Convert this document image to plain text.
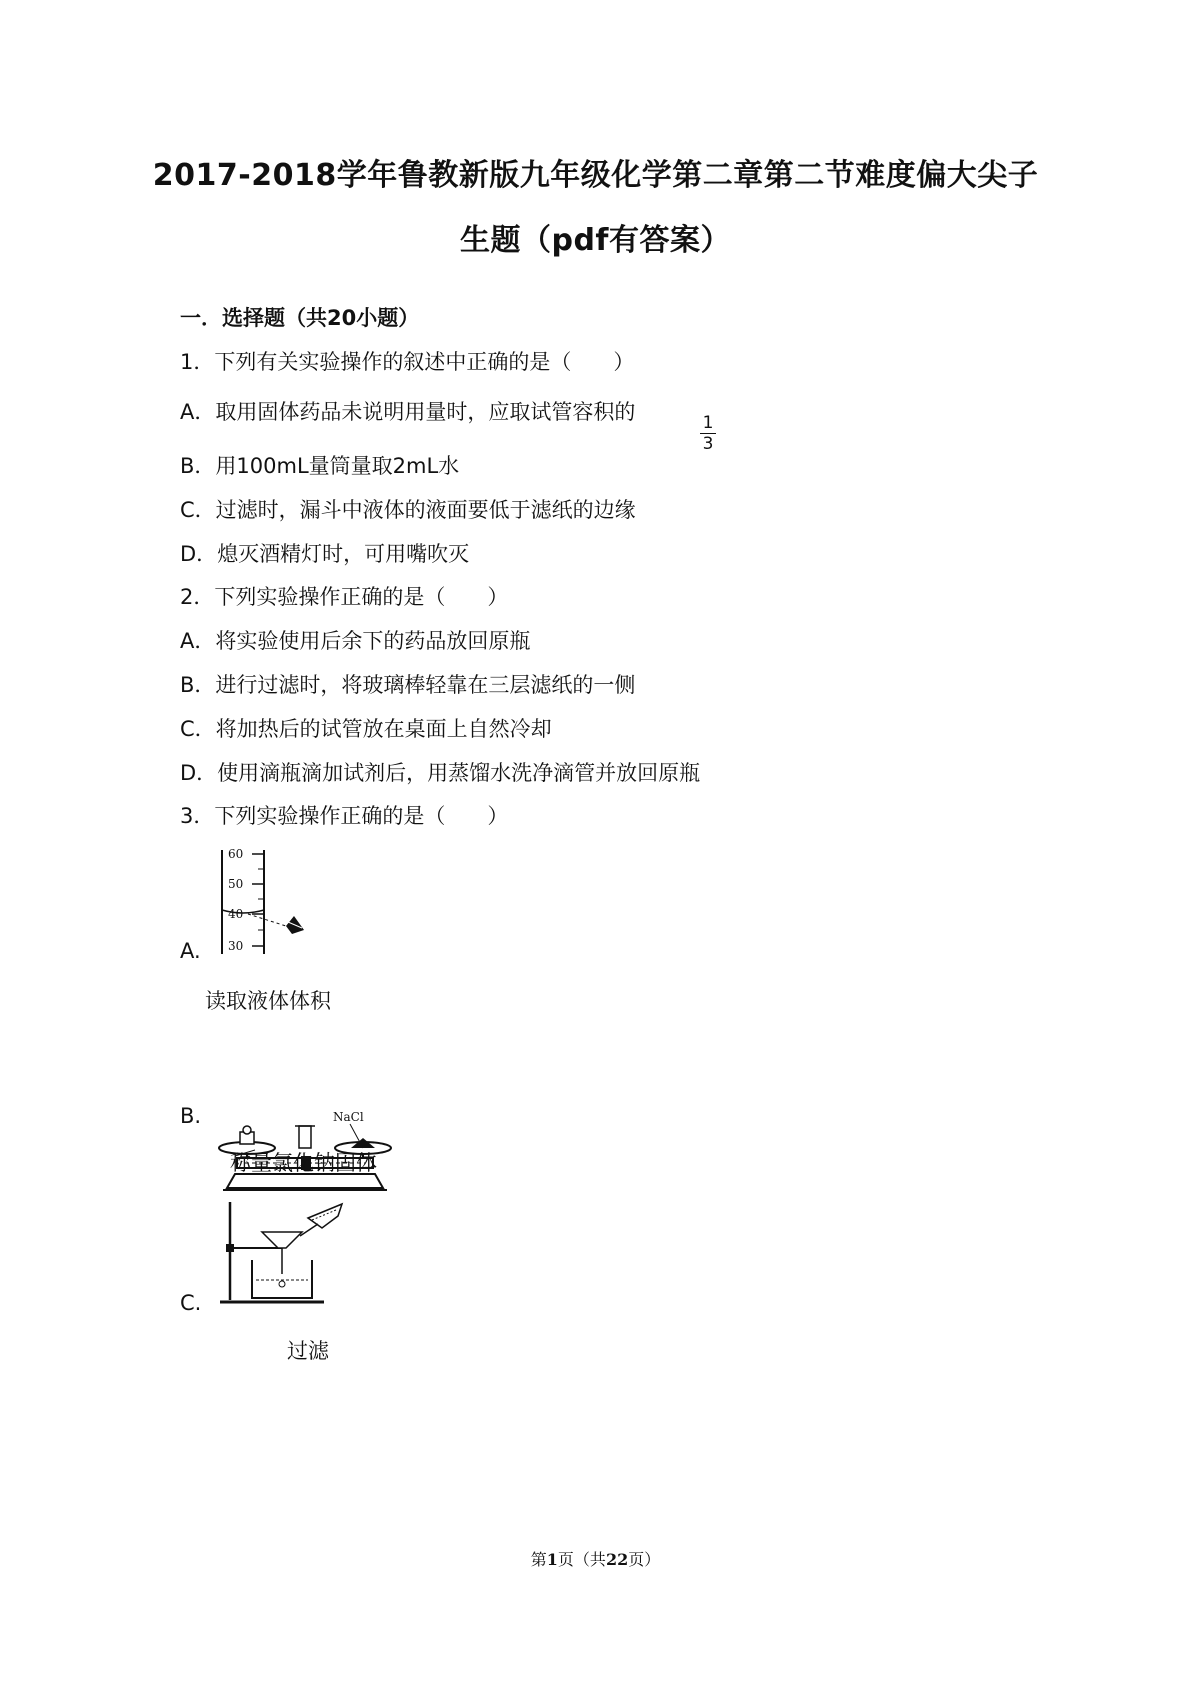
2017-2018学年鲁教新版九年级化学第二章第二节难度偏大尖子
生题（pdf有答案）
一．选择题（共20小题）
1．下列有关实验操作的叙述中正确的是（　　）
A．取用固体药品未说明用量时，应取试管容积的	1
3
B．用100mL量筒量取2mL水
C．过滤时，漏斗中液体的液面要低于滤纸的边缘
D．熄灭酒精灯时，可用嘴吹灭
2．下列实验操作正确的是（　　）
A．将实验使用后余下的药品放回原瓶
B．进行过滤时，将玻璃棒轻靠在三层滤纸的一侧
C．将加热后的试管放在桌面上自然冷却
D．使用滴瓶滴加试剂后，用蒸馏水洗净滴管并放回原瓶
3．下列实验操作正确的是（　　）
A.
60
50
40
30
读取液体体积
B.	NaCl
称量氯化钠固体
C.
过滤
第1页（共22页）
